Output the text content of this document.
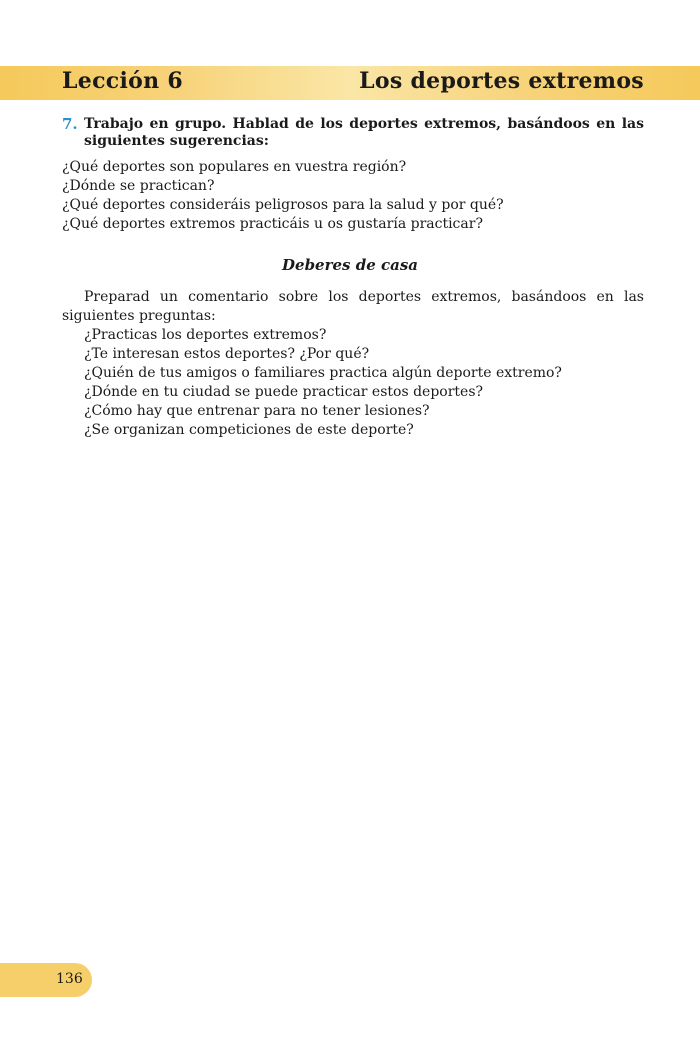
Lección 6	Los deportes extremos
7. Trabajo en grupo. Hablad de los deportes extremos, basándoos en las siguientes sugerencias:
¿Qué deportes son populares en vuestra región?
¿Dónde se practican?
¿Qué deportes consideráis peligrosos para la salud y por qué?
¿Qué deportes extremos practicáis u os gustaría practicar?
Deberes de casa

Preparad un comentario sobre los deportes extremos, basándoos en las siguientes preguntas:

¿Practicas los deportes extremos?
¿Te interesan estos deportes? ¿Por qué?
¿Quién de tus amigos o familiares practica algún deporte extremo?
¿Dónde en tu ciudad se puede practicar estos deportes?
¿Cómo hay que entrenar para no tener lesiones?
¿Se organizan competiciones de este deporte?
136
